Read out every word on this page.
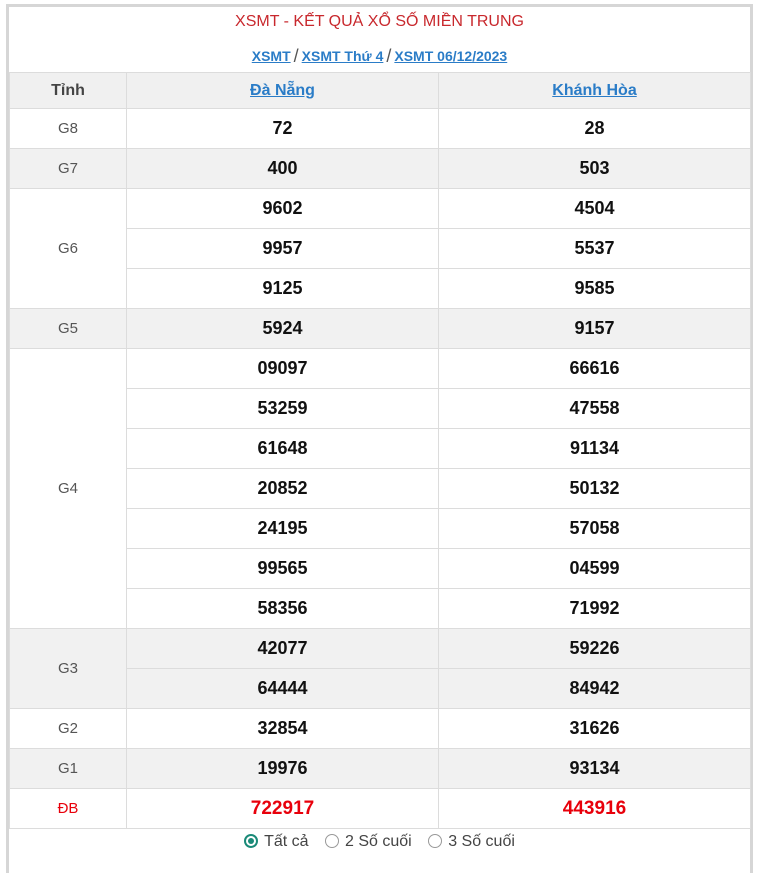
XSMT - KẾT QUẢ XỔ SỐ MIỀN TRUNG
XSMT / XSMT Thứ 4 / XSMT 06/12/2023
Tỉnh	Đà Nẵng	Khánh Hòa
G8	72	28
G7	400	503
G6	9602	4504
	9957	5537
	9125	9585
G5	5924	9157
G4	09097	66616
	53259	47558
	61648	91134
	20852	50132
	24195	57058
	99565	04599
	58356	71992
G3	42077	59226
	64444	84942
G2	32854	31626
G1	19976	93134
ĐB	722917	443916
Tất cả 2 Số cuối 3 Số cuối
